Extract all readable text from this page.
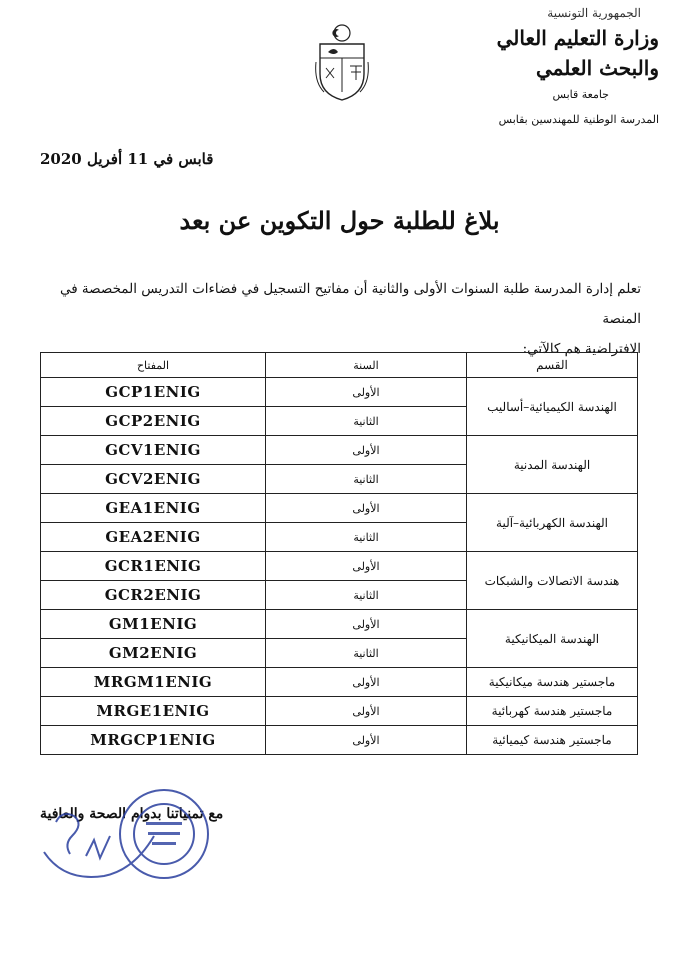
الجمهورية التونسية
وزارة التعليم العالي
والبحث العلمي
جامعة قابس
المدرسة الوطنية للمهندسين بقابس
قابس في 11 أفريل 2020
بلاغ للطلبة حول التكوين عن بعد
تعلم إدارة المدرسة طلبة السنوات الأولى والثانية أن مفاتيح التسجيل في فضاءات التدريس المخصصة في المنصة
الافتراضية هم كالآتي:
القسم	السنة	المفتاح
الهندسة الكيميائية–أساليب	الأولى	GCP1ENIG
	الثانية	GCP2ENIG
الهندسة المدنية	الأولى	GCV1ENIG
	الثانية	GCV2ENIG
الهندسة الكهربائية–آلية	الأولى	GEA1ENIG
	الثانية	GEA2ENIG
هندسة الاتصالات والشبكات	الأولى	GCR1ENIG
	الثانية	GCR2ENIG
الهندسة الميكانيكية	الأولى	GM1ENIG
	الثانية	GM2ENIG
ماجستير هندسة ميكانيكية	الأولى	MRGM1ENIG
ماجستير هندسة كهربائية	الأولى	MRGE1ENIG
ماجستير هندسة كيميائية	الأولى	MRGCP1ENIG
مع تمنياتنا بدوام الصحة والعافية
